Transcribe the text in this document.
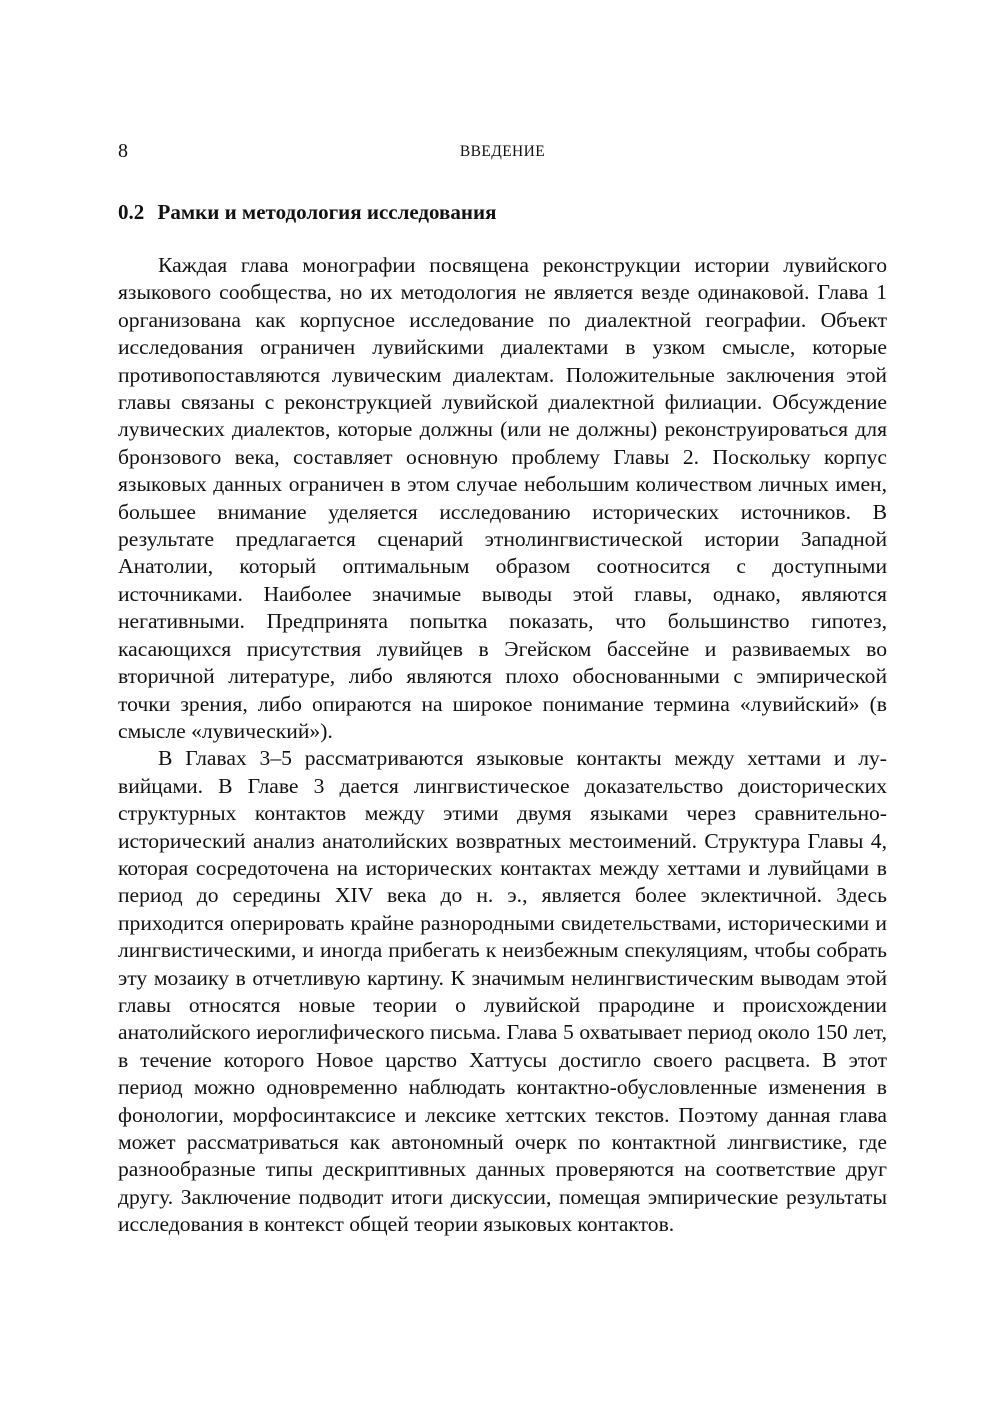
8	ВВЕДЕНИЕ
0.2 Рамки и методология исследования

Каждая глава монографии посвящена реконструкции истории лувийского языкового сообщества, но их методология не является везде одинаковой. Глава 1 организована как корпусное исследование по диалектной географии. Объект исследования ограничен лувийскими диалектами в узком смысле, которые противопоставляются лувическим диалектам. Положительные заключения этой главы связаны с реконструкцией лувийской диалектной филиации. Обсуждение лувических диалектов, которые должны (или не должны) реконструироваться для бронзового века, составляет основную проблему Главы 2. Поскольку корпус языковых данных ограничен в этом случае небольшим количеством личных имен, большее внимание уделяется исследованию исторических источников. В результате предлагается сценарий этнолингвистической истории Западной Анатолии, который оптимальным образом соотносится с доступными источниками. Наиболее значимые выводы этой главы, однако, являются негативными. Предпринята попытка показать, что большинство гипотез, касающихся присутствия лувийцев в Эгейском бассейне и развиваемых во вторичной литературе, либо являются плохо обоснованными с эмпирической точки зрения, либо опираются на широкое понимание термина «лувийский» (в смысле «лувический»).

В Главах 3–5 рассматриваются языковые контакты между хеттами и лувийцами. В Главе 3 дается лингвистическое доказательство доисторических структурных контактов между этими двумя языками через сравнительно-исторический анализ анатолийских возвратных местоимений. Структура Главы 4, которая сосредоточена на исторических контактах между хеттами и лувийцами в период до середины XIV века до н. э., является более эклектичной. Здесь приходится оперировать крайне разнородными свидетельствами, историческими и лингвистическими, и иногда прибегать к неизбежным спекуляциям, чтобы собрать эту мозаику в отчетливую картину. К значимым нелингвистическим выводам этой главы относятся новые теории о лувийской прародине и происхождении анатолийского иероглифического письма. Глава 5 охватывает период около 150 лет, в течение которого Новое царство Хаттусы достигло своего расцвета. В этот период можно одновременно наблюдать контактно-обусловленные изменения в фонологии, морфосинтаксисе и лексике хеттских текстов. Поэтому данная глава может рассматриваться как автономный очерк по контактной лингвистике, где разнообразные типы дескриптивных данных проверяются на соответствие друг другу. Заключение подводит итоги дискуссии, помещая эмпирические результаты исследования в контекст общей теории языковых контактов.
